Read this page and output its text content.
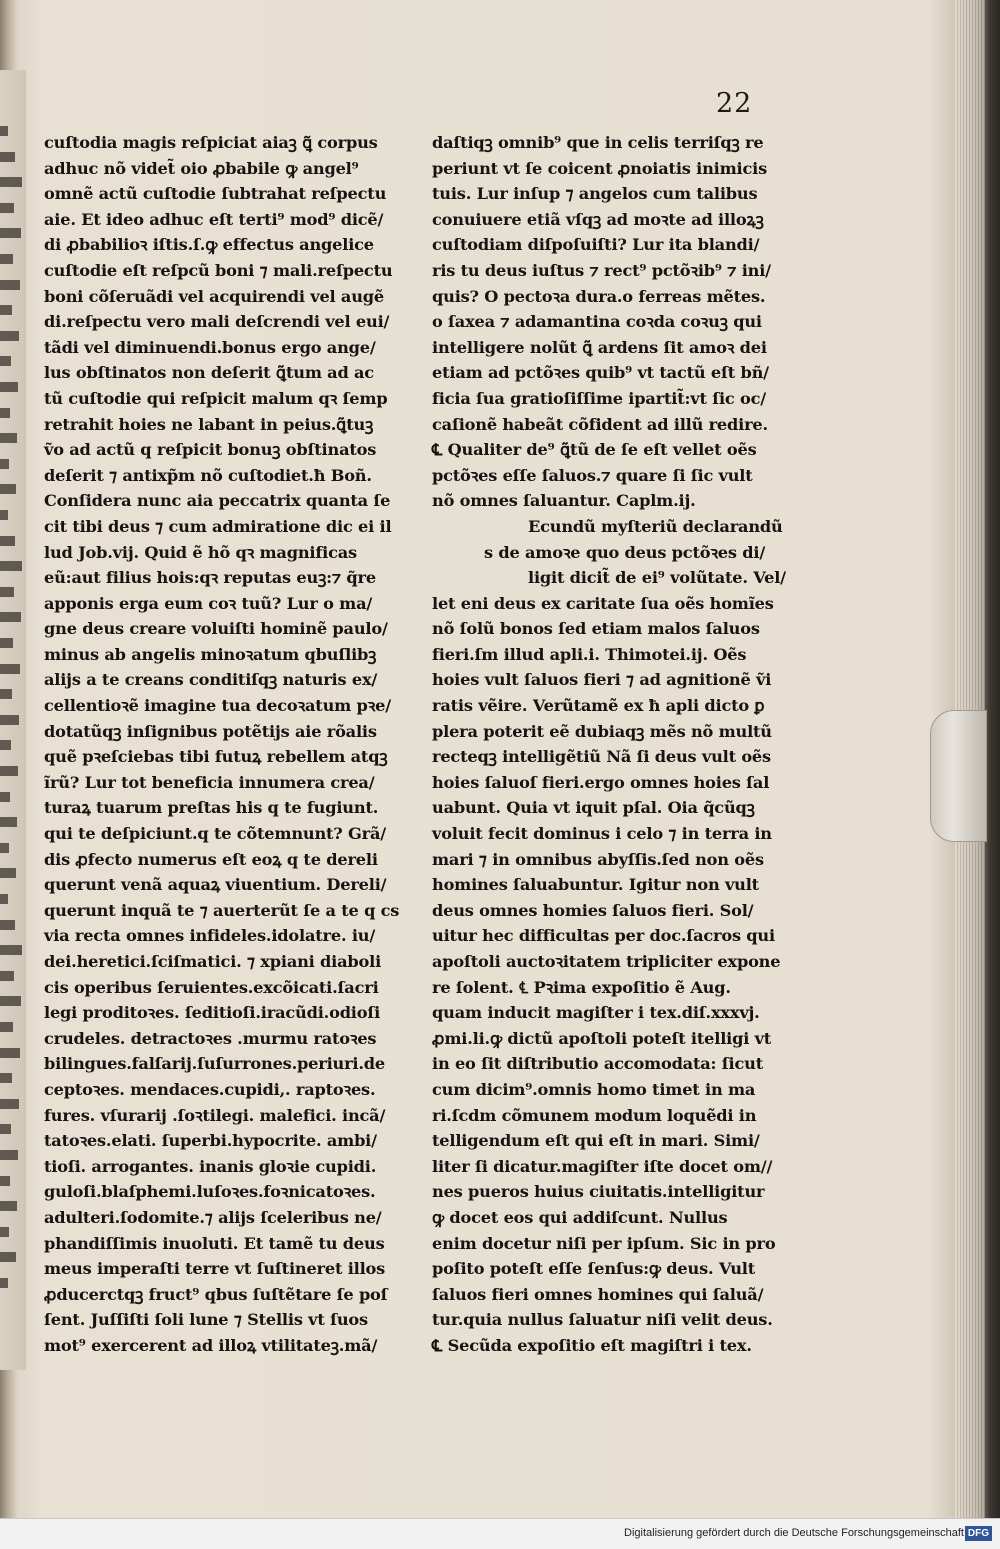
22
cuſtodia magis reſpiciat aiaꝫ ꝗ͂ corpus
adhuc nõ videt̃ oio ꝓbabile ꝙ angel⁹
omnẽ actũ cuſtodie ſubtrahat reſpectu
aie. Et ideo adhuc eſt terti⁹ mod⁹ dicẽ/
di ꝓbabilioꝛ iſtis.ſ.ꝙ effectus angelice
cuſtodie eſt reſpcũ boni ⁊ mali.reſpectu
boni cõſeruãdi vel acquirendi vel augẽ
di.reſpectu vero mali deſcrendi vel eui/
tãdi vel diminuendi.bonus ergo ange/
lus obſtinatos non deſerit ꝗ͂tum ad ac
tũ cuſtodie qui reſpicit malum qꝛ ſemp
retrahit hoies ne labant in peius.ꝗ͂tuꝫ
ṽo ad actũ q reſpicit bonuꝫ obſtinatos
deſerit ⁊ antixp̃m nõ cuſtodiet.ħ Boñ.
Conſidera nunc aia peccatrix quanta ſe
cit tibi deus ⁊ cum admiratione dic ei il
lud Job.vij. Quid ẽ hõ qꝛ magnificas
eũ:aut filius hois:qꝛ reputas euꝫ:⁊ q̃re
apponis erga eum coꝛ tuũ? Lur o ma/
gne deus creare voluiſti hominẽ paulo/
minus ab angelis minoꝛatum qbuſlibꝫ
alijs a te creans conditiſqꝫ naturis ex/
cellentioꝛẽ imagine tua decoꝛatum pꝛe/
dotatũqꝫ inſignibus potẽtijs aie rõalis
quẽ pꝛeſciebas tibi futuꝝ rebellem atqꝫ
ĩrũ? Lur tot beneficia innumera crea/
turaꝝ tuarum preſtas his q te fugiunt.
qui te deſpiciunt.q te cõtemnunt? Grã/
dis ꝓfecto numerus eſt eoꝝ q te dereli
querunt venã aquaꝝ viuentium. Dereli/
querunt inquã te ⁊ auerterũt ſe a te q cs
via recta omnes infideles.idolatre. iu/
dei.heretici.ſciſmatici. ⁊ xpiani diaboli
cis operibus ſeruientes.excõicati.ſacri
legi proditoꝛes. ſeditioſi.iracũdi.odioſi
crudeles. detractoꝛes .murmu ratoꝛes
bilingues.falſarij.ſuſurrones.periuri.de
ceptoꝛes. mendaces.cupidi,. raptoꝛes.
fures. vſurarij .ſoꝛtilegi. malefici. incã/
tatoꝛes.elati. ſuperbi.hypocrite. ambi/
tioſi. arrogantes. inanis gloꝛie cupidi.
guloſi.blaſphemi.luſoꝛes.foꝛnicatoꝛes.
adulteri.ſodomite.⁊ alijs ſceleribus ne/
phandiſſimis inuoluti. Et tamẽ tu deus
meus imperaſti terre vt ſuſtineret illos
ꝓducerctqꝫ fruct⁹ qbus ſuſtẽtare ſe poſ
ſent. Juſſiſti ſoli lune ⁊ Stellis vt ſuos
mot⁹ exercerent ad illoꝝ vtilitateꝫ.mã/
daſtiqꝫ omnib⁹ que in celis terriſqꝫ re
periunt vt ſe coicent ꝓnoiatis inimicis
tuis. Lur inſup ⁊ angelos cum talibus
conuiuere etiã vſqꝫ ad moꝛte ad illoꝝꝫ
cuſtodiam diſpoſuiſti? Lur ita blandi/
ris tu deus iuſtus ⁊ rect⁹ pctõꝛib⁹ ⁊ ini/
quis? O pectoꝛa dura.o ferreas mẽtes.
o ſaxea ⁊ adamantina coꝛda coꝛuꝫ qui
intelligere nolũt ꝗ͂ ardens ſit amoꝛ dei
etiam ad pctõꝛes quib⁹ vt tactũ eſt bñ/
ficia ſua gratioſiſſime ipartit̃:vt ſic oc/
caſionẽ habeãt cõfident ad illũ redire.
℄ Qualiter de⁹ ꝗ͂tũ de ſe eſt vellet oẽs
pctõꝛes eſſe ſaluos.⁊ quare ſi ſic vult
nõ omnes ſaluantur. Caplm.ij.
Ecundũ myſteriũ declarandũ
s de amoꝛe quo deus pctõꝛes di/
ligit dicit̃ de ei⁹ volũtate. Vel/
let eni deus ex caritate ſua oẽs homĩes
nõ ſolũ bonos ſed etiam malos ſaluos
fieri.ſm illud apli.i. Thimotei.ij. Oẽs
hoies vult ſaluos fieri ⁊ ad agnitionẽ ṽi
ratis vẽire. Verũtamẽ ex ħ apli dicto ꝑ
plera poterit eẽ dubiaqꝫ mẽs nõ multũ
recteqꝫ intelligẽtiũ Nã ſi deus vult oẽs
hoies ſaluoſ fieri.ergo omnes hoies ſal
uabunt. Quia vt iquit pſal. Oia q̃cũqꝫ
voluit fecit dominus i celo ⁊ in terra in
mari ⁊ in omnibus abyſſis.ſed non oẽs
homines ſaluabuntur. Igitur non vult
deus omnes homies ſaluos fieri. Sol/
uitur hec difficultas per doc.ſacros qui
apoſtoli auctoꝛitatem tripliciter expone
re ſolent. ℄ Pꝛima expoſitio ẽ Aug.
quam inducit magiſter i tex.diſ.xxxvj.
ꝓmi.li.ꝙ dictũ apoſtoli poteſt itelligi vt
in eo ſit diſtributio accomodata: ſicut
cum dicim⁹.omnis homo timet in ma
ri.ſcdm cõmunem modum loquẽdi in
telligendum eſt qui eſt in mari. Simi/
liter ſi dicatur.magiſter iſte docet om//
nes pueros huius ciuitatis.intelligitur
ꝙ docet eos qui addiſcunt. Nullus
enim docetur niſi per ipſum. Sic in pro
poſito poteſt eſſe ſenſus:ꝙ deus. Vult
ſaluos fieri omnes homines qui ſaluã/
tur.quia nullus ſaluatur niſi velit deus.
℄ Secũda expoſitio eſt magiſtri i tex.
Digitalisierung gefördert durch die Deutsche Forschungsgemeinschaft DFG
